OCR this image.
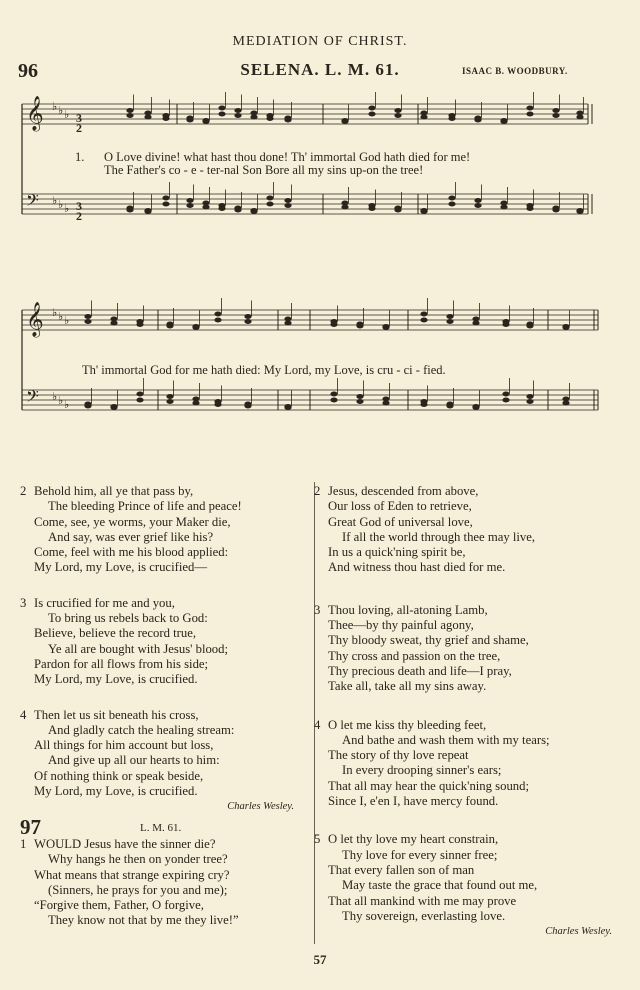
MEDIATION OF CHRIST.
96	SELENA. L. M. 61.	ISAAC B. WOODBURY.
𝄞
𝄢
♭
♭
♭
♭
♭
♭
3
2
3
2
1. O Love divine! what hast thou done! Th' immortal God hath died for me!
The Father's co - e - ter-nal Son Bore all my sins up-on the tree!
𝄞
𝄢
♭
♭
♭
♭
♭
♭
Th' immortal God for me hath died: My Lord, my Love, is cru - ci - fied.
2 Behold him, all ye that pass by,
The bleeding Prince of life and peace!
Come, see, ye worms, your Maker die,
And say, was ever grief like his?
Come, feel with me his blood applied:
My Lord, my Love, is crucified—
3 Is crucified for me and you,
To bring us rebels back to God:
Believe, believe the record true,
Ye all are bought with Jesus' blood;
Pardon for all flows from his side;
My Lord, my Love, is crucified.
4 Then let us sit beneath his cross,
And gladly catch the healing stream:
All things for him account but loss,
And give up all our hearts to him:
Of nothing think or speak beside,
My Lord, my Love, is crucified.
Charles Wesley.
97	L. M. 61.
1 WOULD Jesus have the sinner die?
Why hangs he then on yonder tree?
What means that strange expiring cry?
(Sinners, he prays for you and me);
“Forgive them, Father, O forgive,
They know not that by me they live!”
2 Jesus, descended from above,
Our loss of Eden to retrieve,
Great God of universal love,
If all the world through thee may live,
In us a quick'ning spirit be,
And witness thou hast died for me.
3 Thou loving, all-atoning Lamb,
Thee—by thy painful agony,
Thy bloody sweat, thy grief and shame,
Thy cross and passion on the tree,
Thy precious death and life—I pray,
Take all, take all my sins away.
4 O let me kiss thy bleeding feet,
And bathe and wash them with my tears;
The story of thy love repeat
In every drooping sinner's ears;
That all may hear the quick'ning sound;
Since I, e'en I, have mercy found.
5 O let thy love my heart constrain,
Thy love for every sinner free;
That every fallen son of man
May taste the grace that found out me,
That all mankind with me may prove
Thy sovereign, everlasting love.
Charles Wesley.
57
